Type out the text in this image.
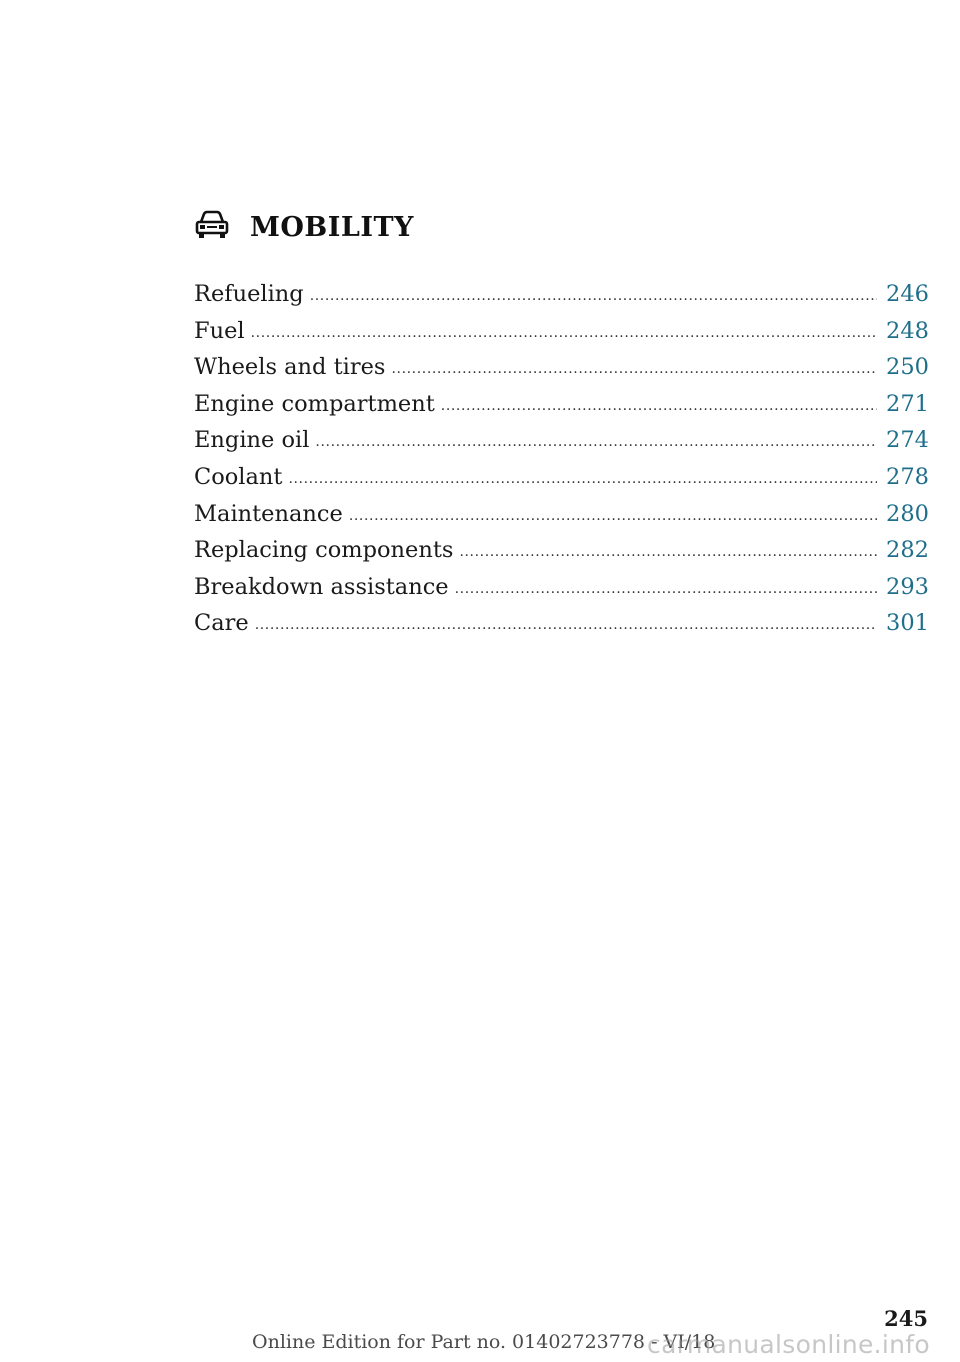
MOBILITY
Refueling .....	246
Fuel .....	248
Wheels and tires .....	250
Engine compartment .....	271
Engine oil .....	274
Coolant .....	278
Maintenance .....	280
Replacing components .....	282
Breakdown assistance .....	293
Care .....	301
245
Online Edition for Part no. 01402723778 - VI/18
carmanualsonline.info
